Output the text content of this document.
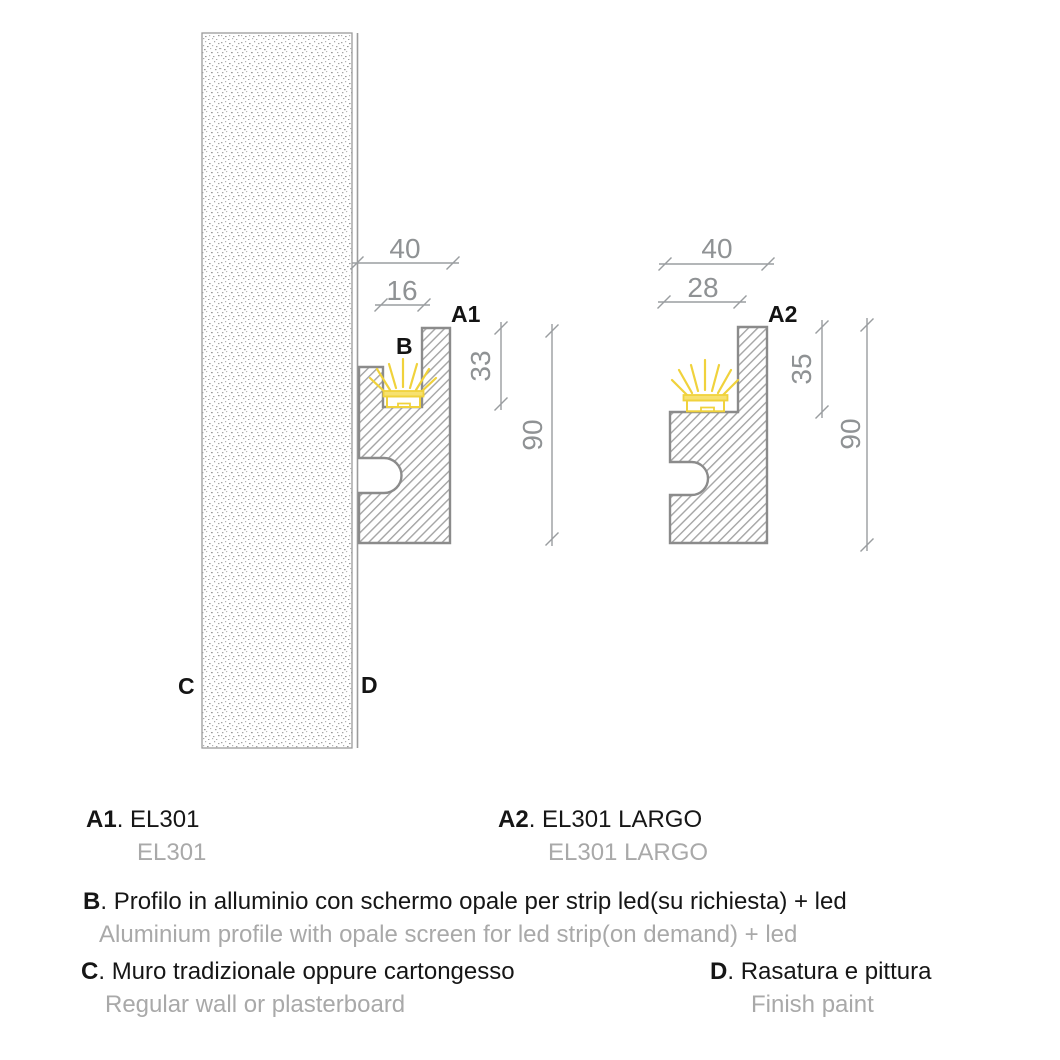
40
16
33
90
40
28
35
90
A1	A2
B
C	D
A1. EL301
EL301
A2. EL301 LARGO
EL301 LARGO
B. Profilo in alluminio con schermo opale per strip led(su richiesta) + led
Aluminium profile with opale screen for led strip(on demand) + led
C. Muro tradizionale oppure cartongesso
Regular wall or plasterboard
D. Rasatura e pittura
Finish paint
